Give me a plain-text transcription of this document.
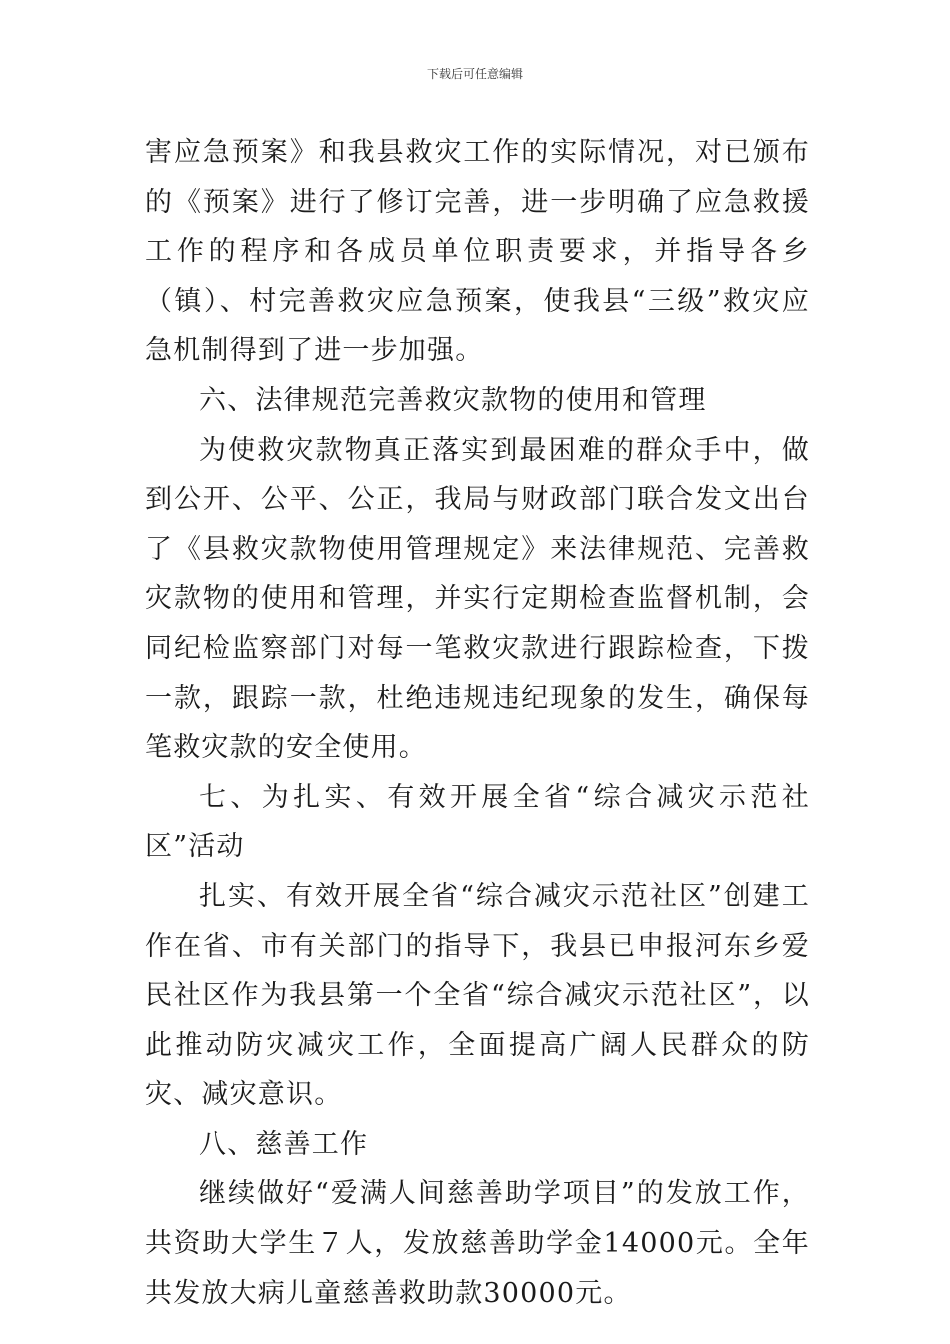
下载后可任意编辑

害应急预案》和我县救灾工作的实际情况，对已颁布的《预案》进行了修订完善，进一步明确了应急救援工作的程序和各成员单位职责要求，并指导各乡（镇）、村完善救灾应急预案，使我县“三级”救灾应急机制得到了进一步加强。

六、法律规范完善救灾款物的使用和管理

为使救灾款物真正落实到最困难的群众手中，做到公开、公平、公正，我局与财政部门联合发文出台了《县救灾款物使用管理规定》来法律规范、完善救灾款物的使用和管理，并实行定期检查监督机制，会同纪检监察部门对每一笔救灾款进行跟踪检查，下拨一款，跟踪一款，杜绝违规违纪现象的发生，确保每笔救灾款的安全使用。

七、为扎实、有效开展全省“综合减灾示范社区”活动

扎实、有效开展全省“综合减灾示范社区”创建工作在省、市有关部门的指导下，我县已申报河东乡爱民社区作为我县第一个全省“综合减灾示范社区”，以此推动防灾减灾工作，全面提高广阔人民群众的防灾、减灾意识。

八、慈善工作

继续做好“爱满人间慈善助学项目”的发放工作，共资助大学生７人，发放慈善助学金14000元。全年共发放大病儿童慈善救助款30000元。
